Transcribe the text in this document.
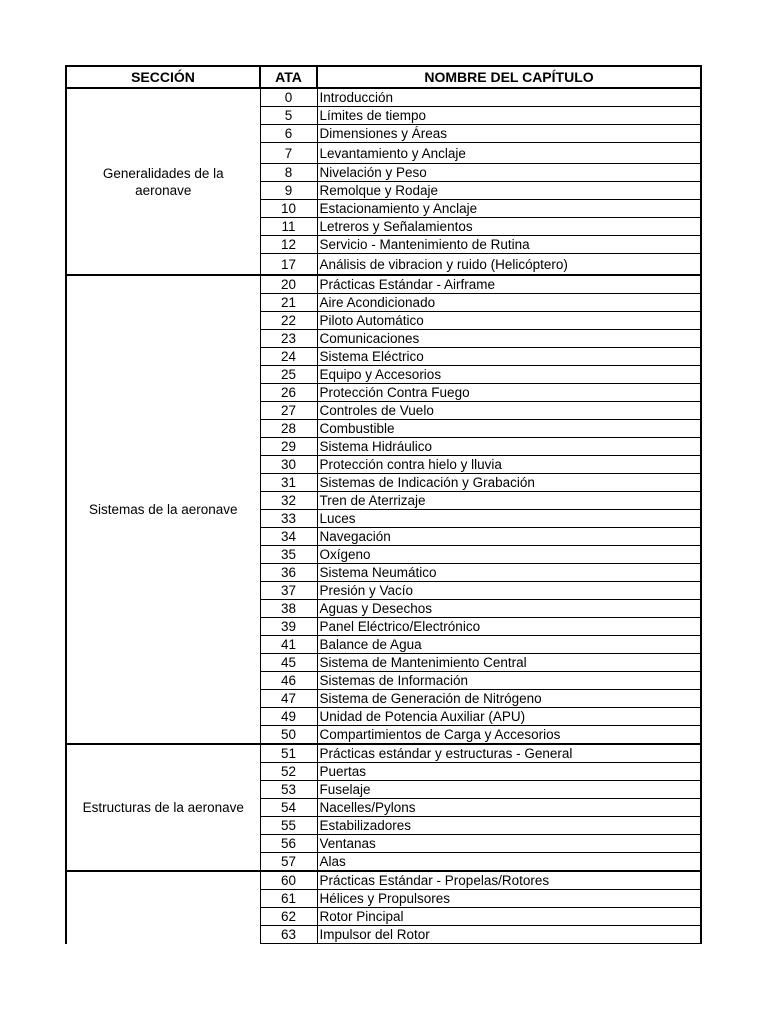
SECCIÓN	ATA	NOMBRE DEL CAPÍTULO
Generalidades de la aeronave	0	Introducción
	5	Límites de tiempo
	6	Dimensiones y Áreas
	7	Levantamiento y Anclaje
	8	Nivelación y Peso
	9	Remolque y Rodaje
	10	Estacionamiento y Anclaje
	11	Letreros y Señalamientos
	12	Servicio - Mantenimiento de Rutina
	17	Análisis de vibracion y ruido (Helicóptero)
Sistemas de la aeronave	20	Prácticas Estándar - Airframe
	21	Aire Acondicionado
	22	Piloto Automático
	23	Comunicaciones
	24	Sistema Eléctrico
	25	Equipo y Accesorios
	26	Protección Contra Fuego
	27	Controles de Vuelo
	28	Combustible
	29	Sistema Hidráulico
	30	Protección contra hielo y lluvia
	31	Sistemas de Indicación y Grabación
	32	Tren de Aterrizaje
	33	Luces
	34	Navegación
	35	Oxígeno
	36	Sistema Neumático
	37	Presión y Vacío
	38	Aguas y Desechos
	39	Panel Eléctrico/Electrónico
	41	Balance de Agua
	45	Sistema de Mantenimiento Central
	46	Sistemas de Información
	47	Sistema de Generación de Nitrógeno
	49	Unidad de Potencia Auxiliar (APU)
	50	Compartimientos de Carga y Accesorios
Estructuras de la aeronave	51	Prácticas estándar y estructuras - General
	52	Puertas
	53	Fuselaje
	54	Nacelles/Pylons
	55	Estabilizadores
	56	Ventanas
	57	Alas
	60	Prácticas Estándar - Propelas/Rotores
	61	Hélices y Propulsores
	62	Rotor Pincipal
	63	Impulsor del Rotor
